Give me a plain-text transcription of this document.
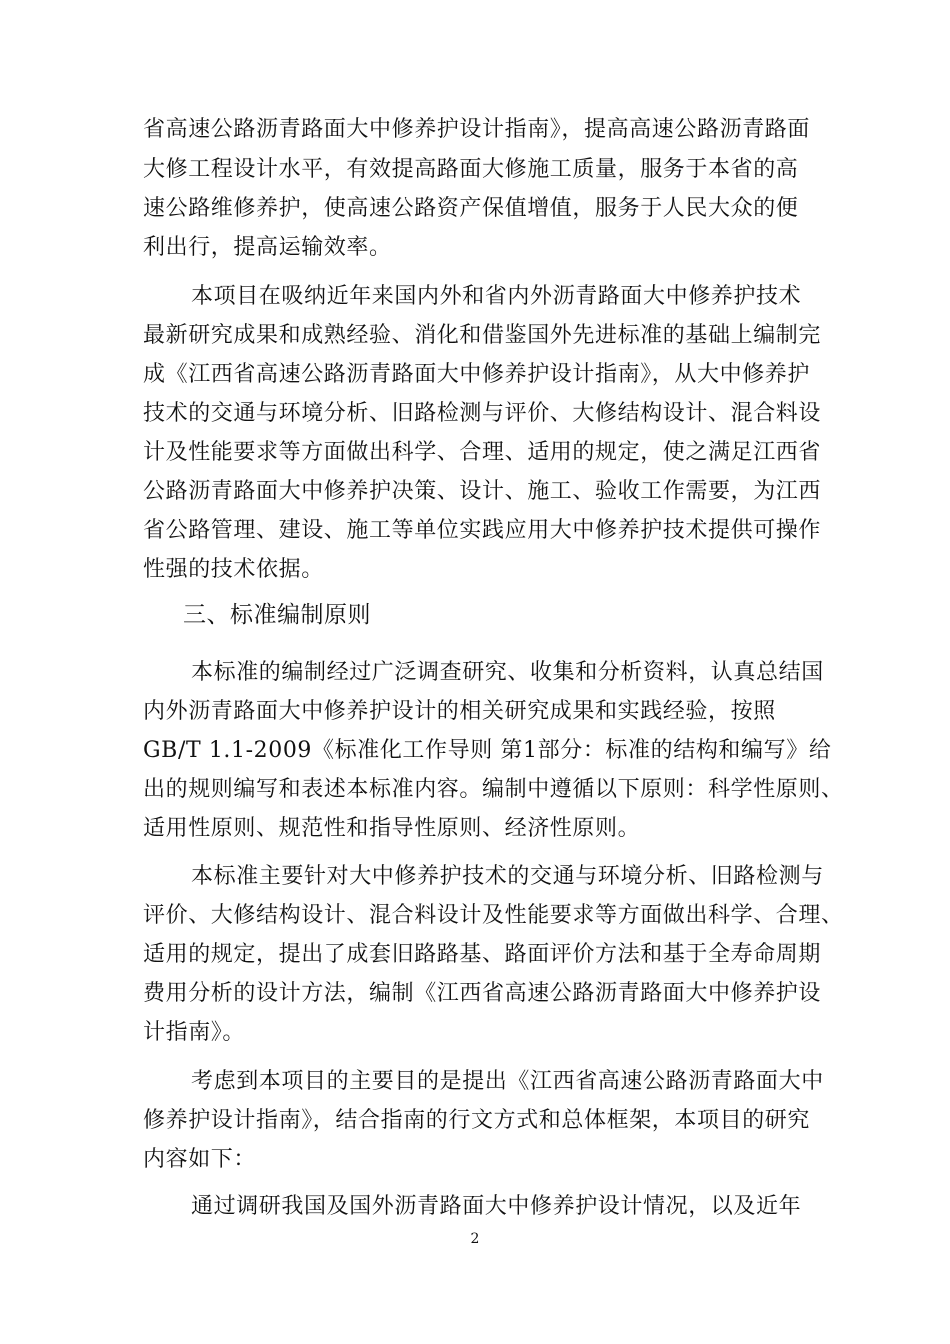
省高速公路沥青路面大中修养护设计指南》，提高高速公路沥青路面
大修工程设计水平，有效提高路面大修施工质量，服务于本省的高
速公路维修养护，使高速公路资产保值增值，服务于人民大众的便
利出行，提高运输效率。
本项目在吸纳近年来国内外和省内外沥青路面大中修养护技术
最新研究成果和成熟经验、消化和借鉴国外先进标准的基础上编制完
成《江西省高速公路沥青路面大中修养护设计指南》，从大中修养护
技术的交通与环境分析、旧路检测与评价、大修结构设计、混合料设
计及性能要求等方面做出科学、合理、适用的规定，使之满足江西省
公路沥青路面大中修养护决策、设计、施工、验收工作需要，为江西
省公路管理、建设、施工等单位实践应用大中修养护技术提供可操作
性强的技术依据。
三、标准编制原则
本标准的编制经过广泛调查研究、收集和分析资料，认真总结国
内外沥青路面大中修养护设计的相关研究成果和实践经验，按照
GB/T 1.1-2009《标准化工作导则 第1部分：标准的结构和编写》给
出的规则编写和表述本标准内容。编制中遵循以下原则：科学性原则、
适用性原则、规范性和指导性原则、经济性原则。
本标准主要针对大中修养护技术的交通与环境分析、旧路检测与
评价、大修结构设计、混合料设计及性能要求等方面做出科学、合理、
适用的规定，提出了成套旧路路基、路面评价方法和基于全寿命周期
费用分析的设计方法，编制《江西省高速公路沥青路面大中修养护设
计指南》。
考虑到本项目的主要目的是提出《江西省高速公路沥青路面大中
修养护设计指南》，结合指南的行文方式和总体框架，本项目的研究
内容如下：
通过调研我国及国外沥青路面大中修养护设计情况，以及近年
2
